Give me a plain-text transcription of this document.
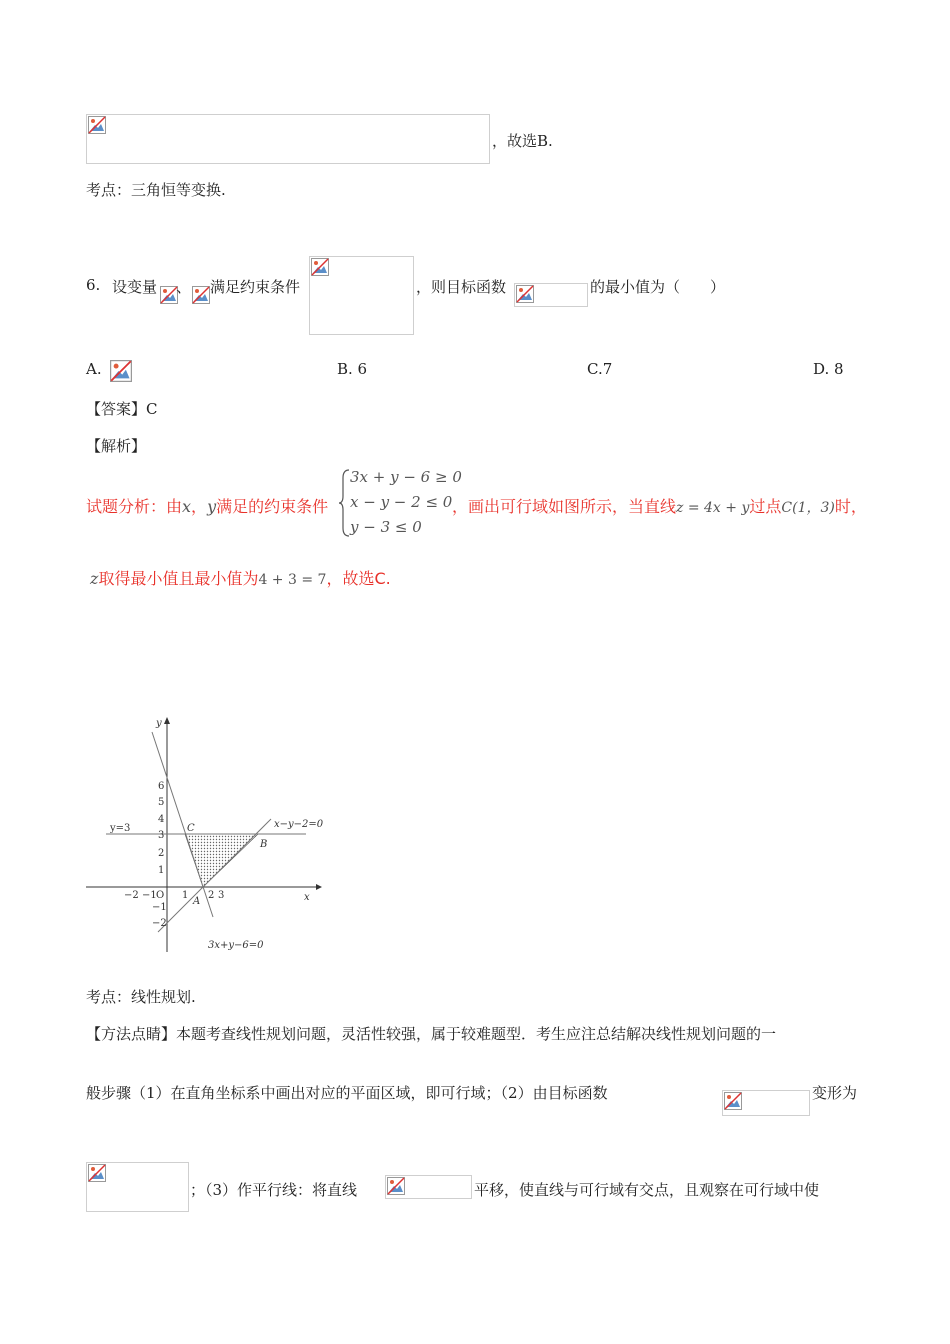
，故选B.
考点：三角恒等变换.
6. 设变量 、 满足约束条件	，则目标函数	的最小值为（　　）
A.	B. 6	C.7	D. 8
【答案】C
【解析】
试题分析：由x，y满足的约束条件
3x + y − 6 ≥ 0
x − y − 2 ≤ 0
y − 3 ≤ 0
，画出可行域如图所示，当直线z = 4x + y过点C(1，3)时，
z取得最小值且最小值为4 + 3 = 7，故选C.
y
x
y=3	x−y−2=0
3x+y−6=0
A
B
C
O
−2 −1	1 2 3
6
5
4
3
2
1
−1
−2
考点：线性规划.
【方法点睛】本题考查线性规划问题，灵活性较强，属于较难题型．考生应注总结解决线性规划问题的一
般步骤（1）在直角坐标系中画出对应的平面区域，即可行域；（2）由目标函数	变形为
；（3）作平行线：将直线	平移，使直线与可行域有交点，且观察在可行域中使
